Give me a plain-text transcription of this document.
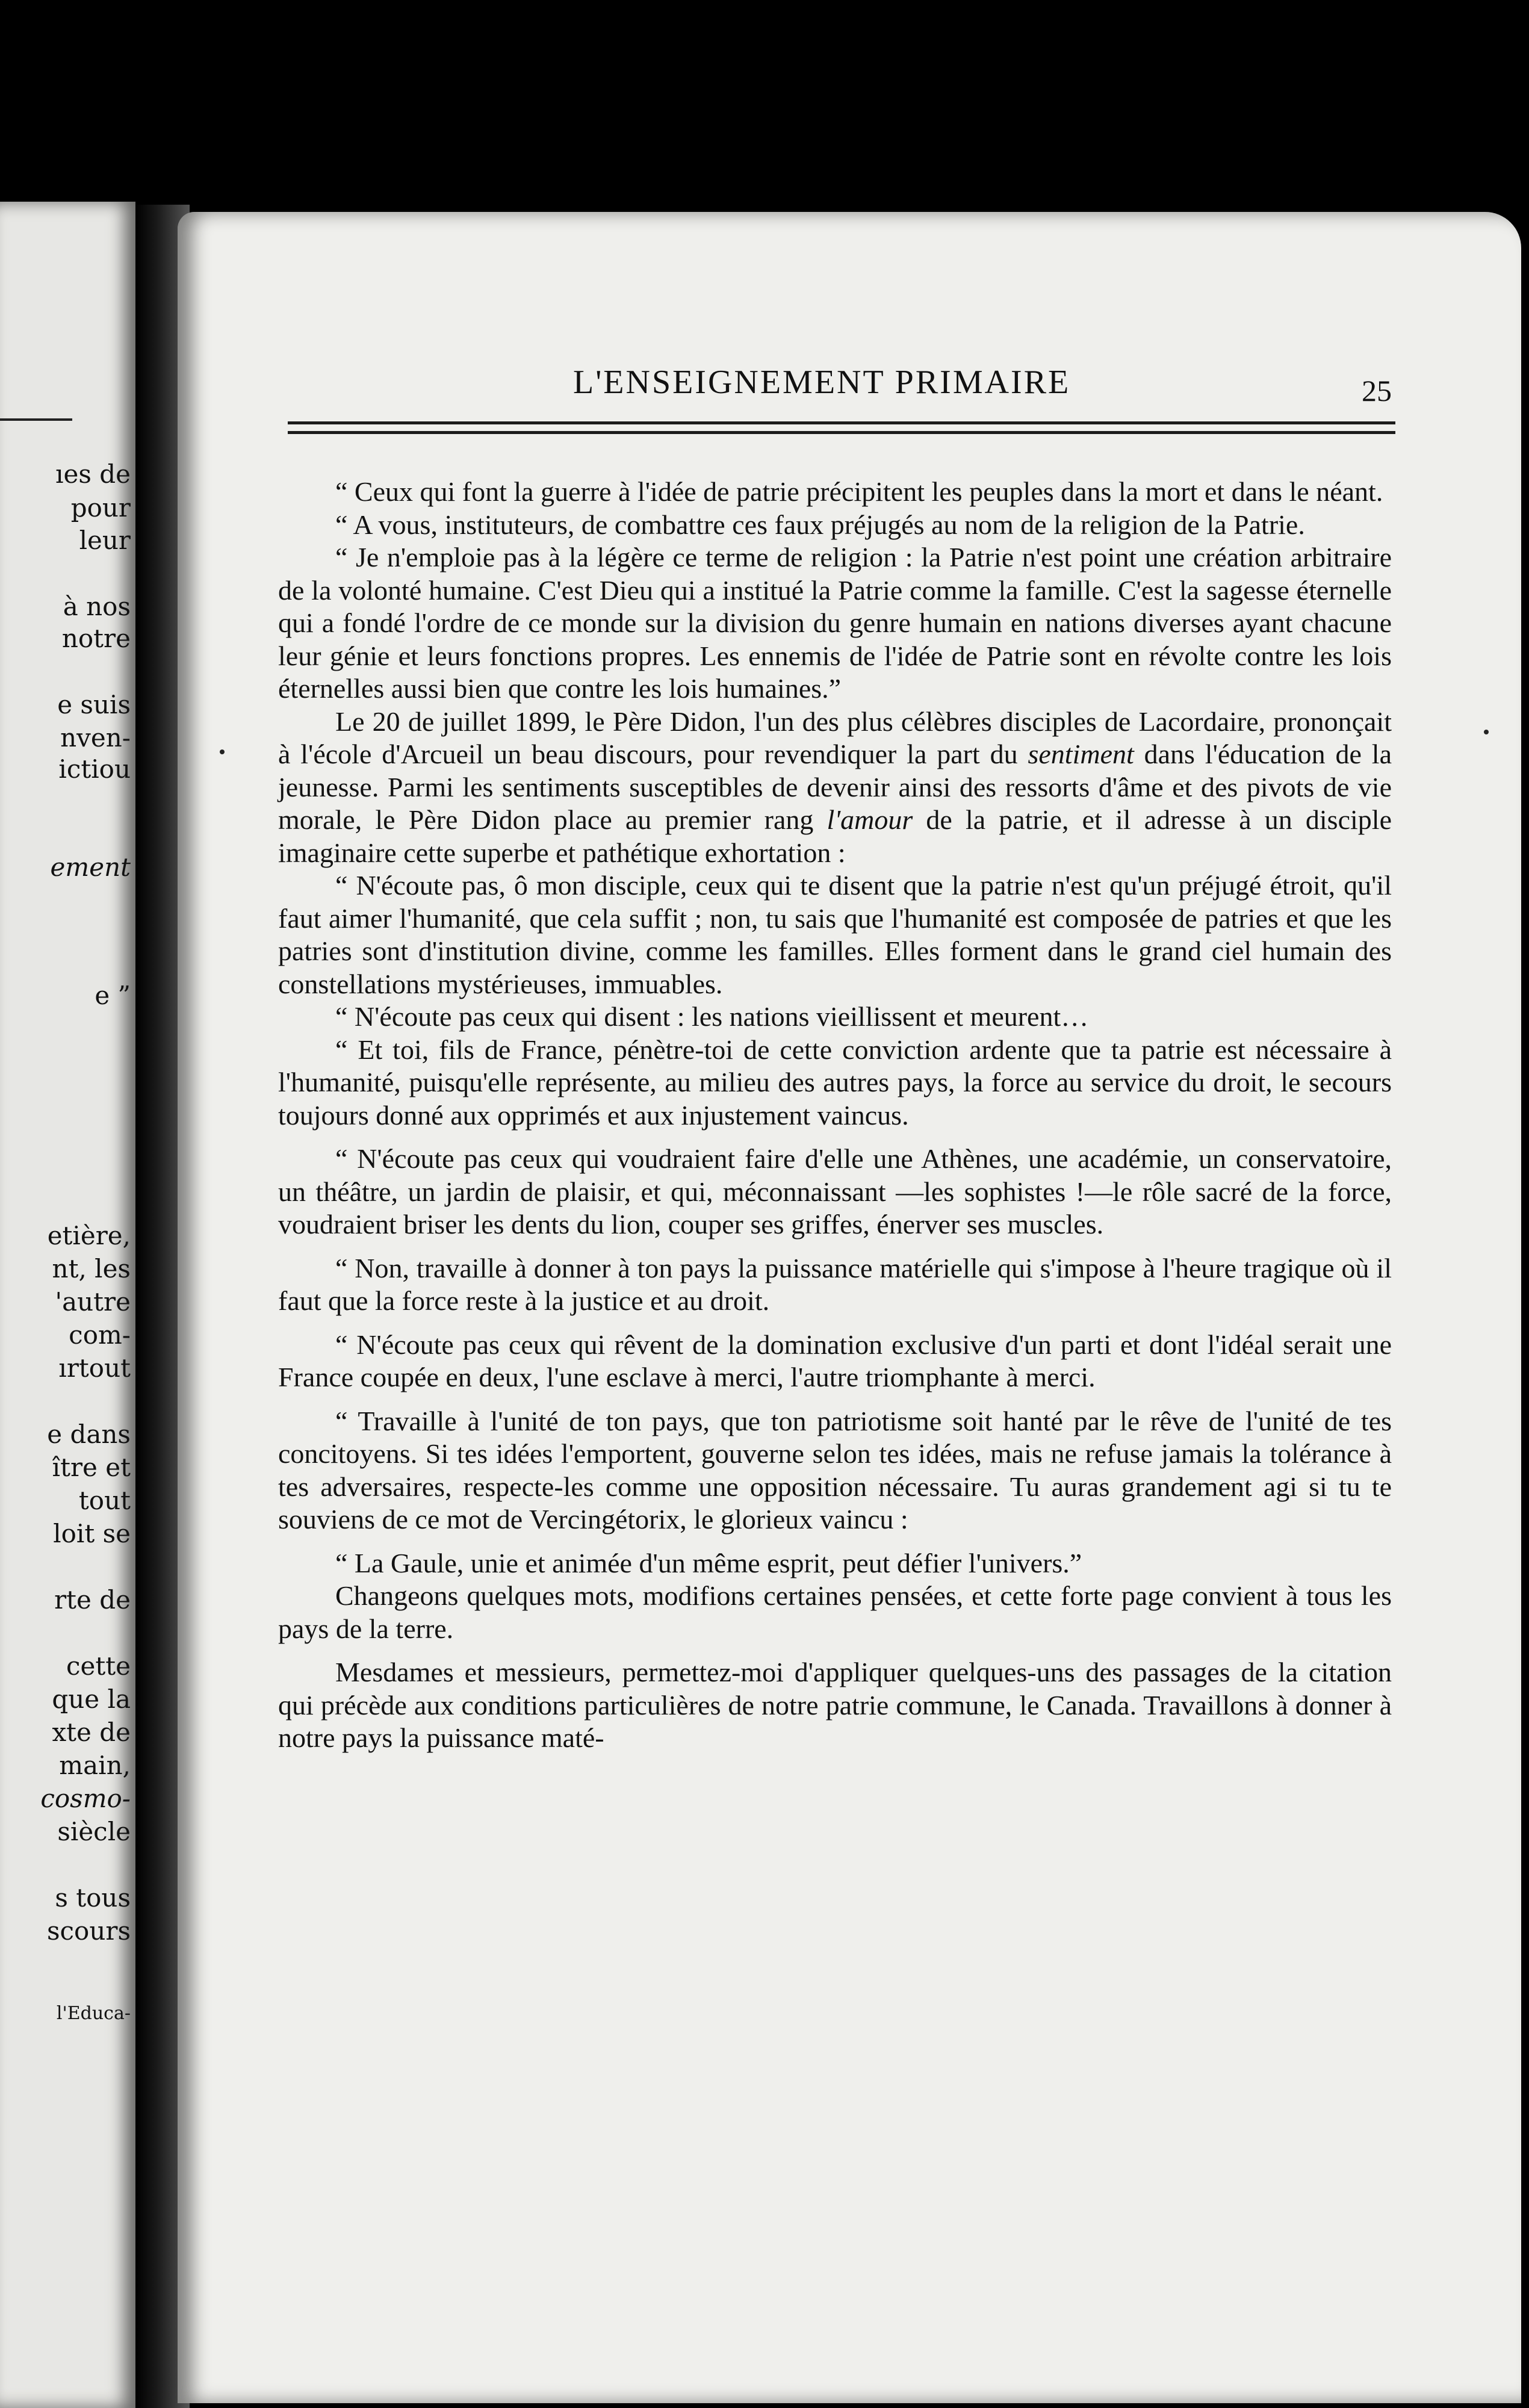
ıes de

pour

leur

à nos

notre

e suis

nven-

ictiou

ement

e ”

etière,

nt, les

'autre

com-

ırtout

e dans

ître et

tout

loit se

rte de

cette

que la

xte de

main,

cosmo-

siècle

s tous

scours

l'Educa-

L'ENSEIGNEMENT PRIMAIRE	25

“ Ceux qui font la guerre à l'idée de patrie précipitent les peuples dans la mort et dans le néant.

“ A vous, instituteurs, de combattre ces faux préjugés au nom de la religion de la Patrie.

“ Je n'emploie pas à la légère ce terme de religion : la Patrie n'est point une création arbitraire de la volonté humaine. C'est Dieu qui a institué la Patrie comme la famille. C'est la sagesse éternelle qui a fondé l'ordre de ce monde sur la division du genre humain en nations diverses ayant chacune leur génie et leurs fonctions propres. Les ennemis de l'idée de Patrie sont en révolte contre les lois éternelles aussi bien que contre les lois humaines.”

Le 20 de juillet 1899, le Père Didon, l'un des plus célèbres disciples de Lacordaire, prononçait à l'école d'Arcueil un beau discours, pour revendiquer la part du sentiment dans l'éducation de la jeunesse. Parmi les sentiments susceptibles de devenir ainsi des ressorts d'âme et des pivots de vie morale, le Père Didon place au premier rang l'amour de la patrie, et il adresse à un disciple imaginaire cette superbe et pathétique exhortation :

“ N'écoute pas, ô mon disciple, ceux qui te disent que la patrie n'est qu'un préjugé étroit, qu'il faut aimer l'humanité, que cela suffit ; non, tu sais que l'humanité est composée de patries et que les patries sont d'institution divine, comme les familles. Elles forment dans le grand ciel humain des constellations mystérieuses, immuables.

“ N'écoute pas ceux qui disent : les nations vieillissent et meurent…

“ Et toi, fils de France, pénètre-toi de cette conviction ardente que ta patrie est nécessaire à l'humanité, puisqu'elle représente, au milieu des autres pays, la force au service du droit, le secours toujours donné aux opprimés et aux injustement vaincus.

“ N'écoute pas ceux qui voudraient faire d'elle une Athènes, une académie, un conservatoire, un théâtre, un jardin de plaisir, et qui, méconnaissant —les sophistes !—le rôle sacré de la force, voudraient briser les dents du lion, couper ses griffes, énerver ses muscles.

“ Non, travaille à donner à ton pays la puissance matérielle qui s'impose à l'heure tragique où il faut que la force reste à la justice et au droit.

“ N'écoute pas ceux qui rêvent de la domination exclusive d'un parti et dont l'idéal serait une France coupée en deux, l'une esclave à merci, l'autre triomphante à merci.

“ Travaille à l'unité de ton pays, que ton patriotisme soit hanté par le rêve de l'unité de tes concitoyens. Si tes idées l'emportent, gouverne selon tes idées, mais ne refuse jamais la tolérance à tes adversaires, respecte-les comme une opposition nécessaire. Tu auras grandement agi si tu te souviens de ce mot de Vercingétorix, le glorieux vaincu :

“ La Gaule, unie et animée d'un même esprit, peut défier l'univers.”

Changeons quelques mots, modifions certaines pensées, et cette forte page convient à tous les pays de la terre.

Mesdames et messieurs, permettez-moi d'appliquer quelques-uns des passages de la citation qui précède aux conditions particulières de notre patrie commune, le Canada. Travaillons à donner à notre pays la puissance maté-
